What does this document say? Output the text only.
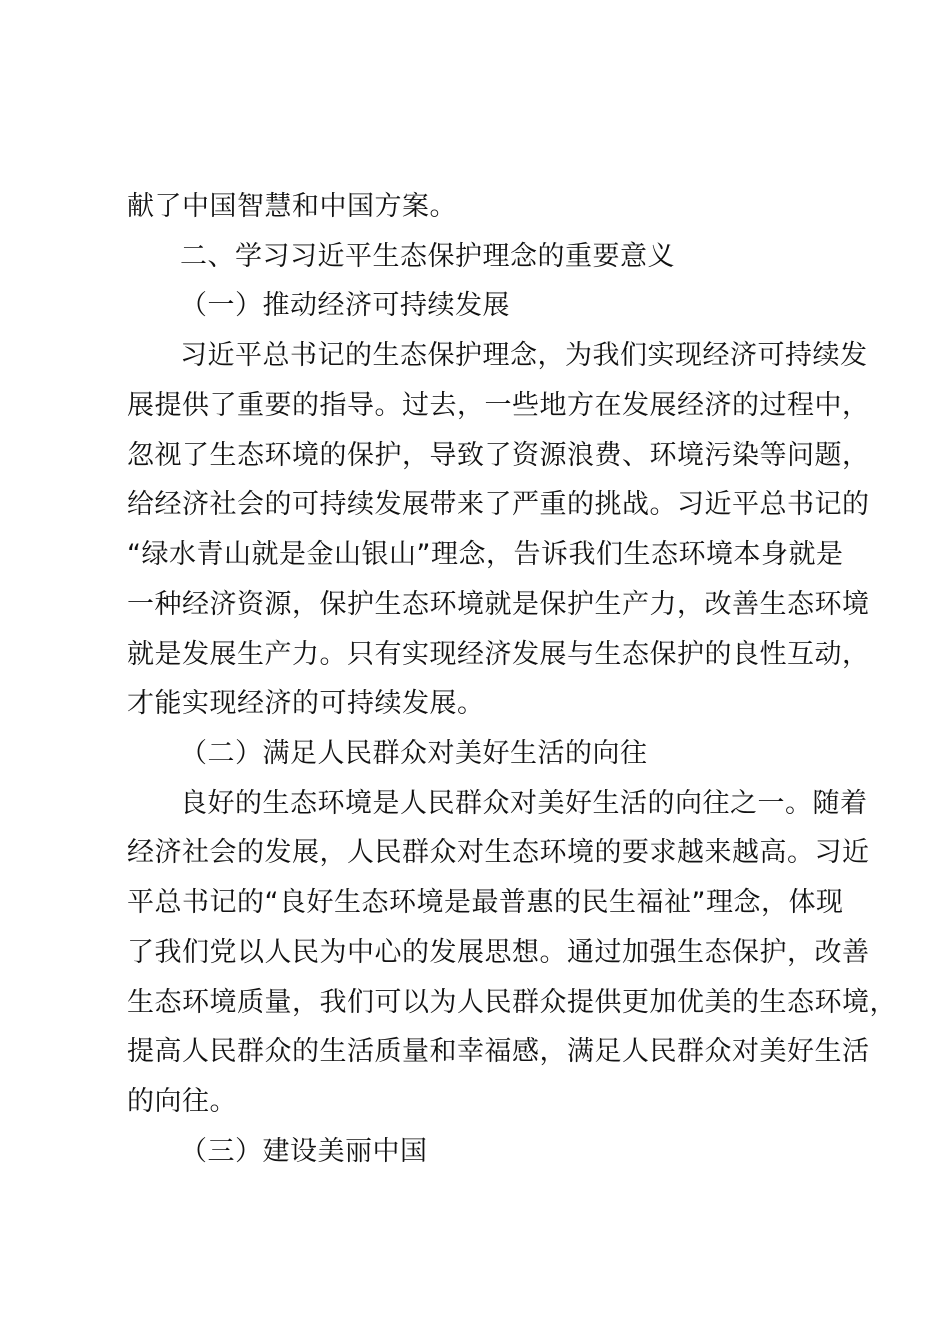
献了中国智慧和中国方案。
二、学习习近平生态保护理念的重要意义
（一）推动经济可持续发展
习近平总书记的生态保护理念，为我们实现经济可持续发
展提供了重要的指导。过去，一些地方在发展经济的过程中，
忽视了生态环境的保护，导致了资源浪费、环境污染等问题，
给经济社会的可持续发展带来了严重的挑战。习近平总书记的
“绿水青山就是金山银山”理念，告诉我们生态环境本身就是
一种经济资源，保护生态环境就是保护生产力，改善生态环境
就是发展生产力。只有实现经济发展与生态保护的良性互动，
才能实现经济的可持续发展。
（二）满足人民群众对美好生活的向往
良好的生态环境是人民群众对美好生活的向往之一。随着
经济社会的发展，人民群众对生态环境的要求越来越高。习近
平总书记的“良好生态环境是最普惠的民生福祉”理念，体现
了我们党以人民为中心的发展思想。通过加强生态保护，改善
生态环境质量，我们可以为人民群众提供更加优美的生态环境，
提高人民群众的生活质量和幸福感，满足人民群众对美好生活
的向往。
（三）建设美丽中国
